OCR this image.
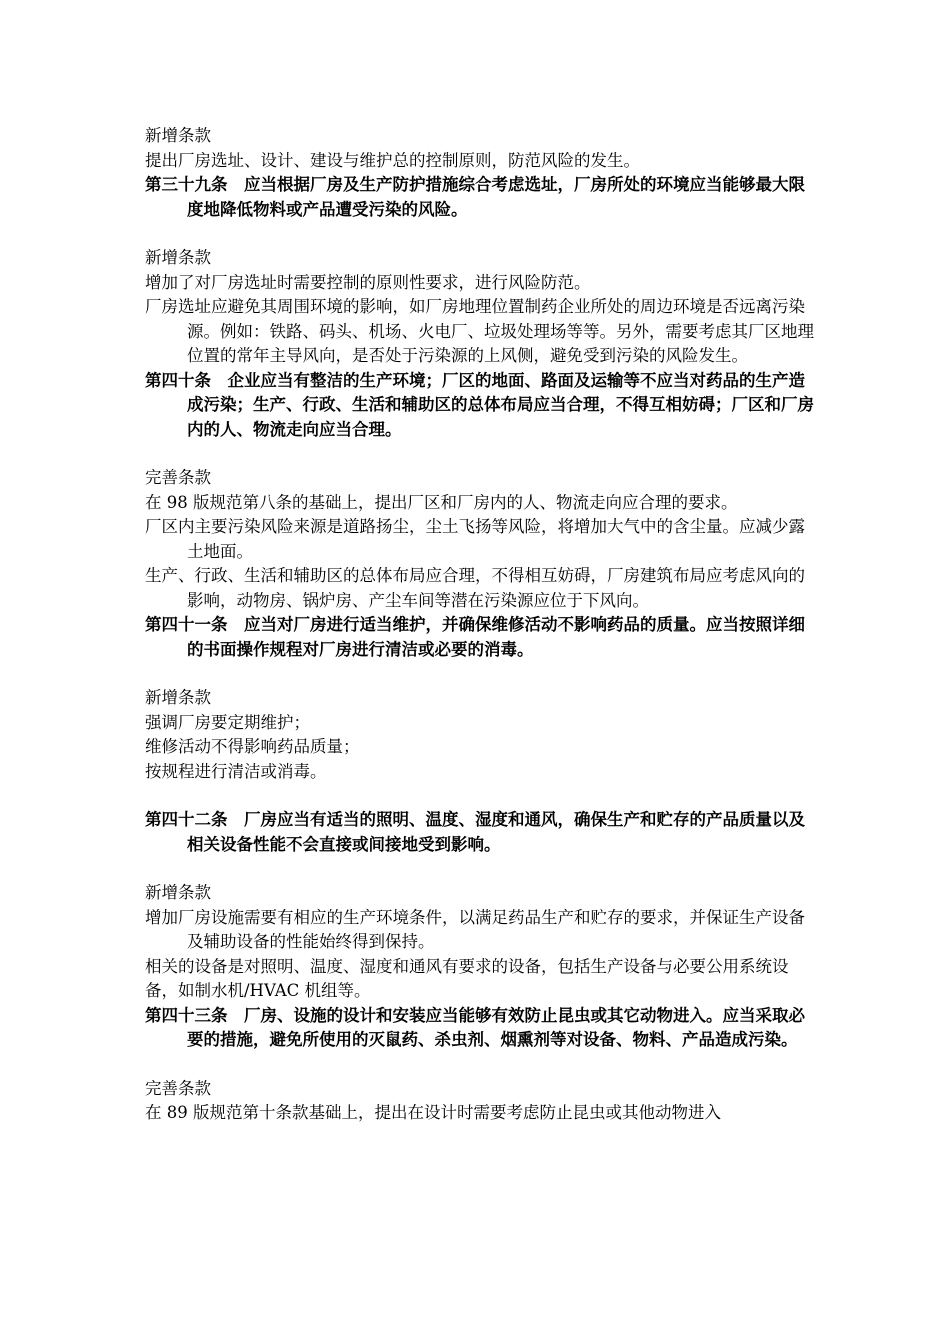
新增条款
提出厂房选址、设计、建设与维护总的控制原则，防范风险的发生。
第三十九条　应当根据厂房及生产防护措施综合考虑选址，厂房所处的环境应当能够最大限度地降低物料或产品遭受污染的风险。
新增条款
增加了对厂房选址时需要控制的原则性要求，进行风险防范。
厂房选址应避免其周围环境的影响，如厂房地理位置制药企业所处的周边环境是否远离污染源。例如：铁路、码头、机场、火电厂、垃圾处理场等等。另外，需要考虑其厂区地理位置的常年主导风向，是否处于污染源的上风侧，避免受到污染的风险发生。
第四十条　企业应当有整洁的生产环境；厂区的地面、路面及运输等不应当对药品的生产造成污染；生产、行政、生活和辅助区的总体布局应当合理，不得互相妨碍；厂区和厂房内的人、物流走向应当合理。
完善条款
在 98 版规范第八条的基础上，提出厂区和厂房内的人、物流走向应合理的要求。
厂区内主要污染风险来源是道路扬尘，尘土飞扬等风险，将增加大气中的含尘量。应减少露土地面。
生产、行政、生活和辅助区的总体布局应合理，不得相互妨碍，厂房建筑布局应考虑风向的影响，动物房、锅炉房、产尘车间等潜在污染源应位于下风向。
第四十一条　应当对厂房进行适当维护，并确保维修活动不影响药品的质量。应当按照详细的书面操作规程对厂房进行清洁或必要的消毒。
新增条款
强调厂房要定期维护；
维修活动不得影响药品质量；
按规程进行清洁或消毒。
第四十二条　厂房应当有适当的照明、温度、湿度和通风，确保生产和贮存的产品质量以及相关设备性能不会直接或间接地受到影响。
新增条款
增加厂房设施需要有相应的生产环境条件，以满足药品生产和贮存的要求，并保证生产设备及辅助设备的性能始终得到保持。
相关的设备是对照明、温度、湿度和通风有要求的设备，包括生产设备与必要公用系统设备，如制水机/HVAC 机组等。
第四十三条　厂房、设施的设计和安装应当能够有效防止昆虫或其它动物进入。应当采取必要的措施，避免所使用的灭鼠药、杀虫剂、烟熏剂等对设备、物料、产品造成污染。
完善条款
在 89 版规范第十条款基础上，提出在设计时需要考虑防止昆虫或其他动物进入
